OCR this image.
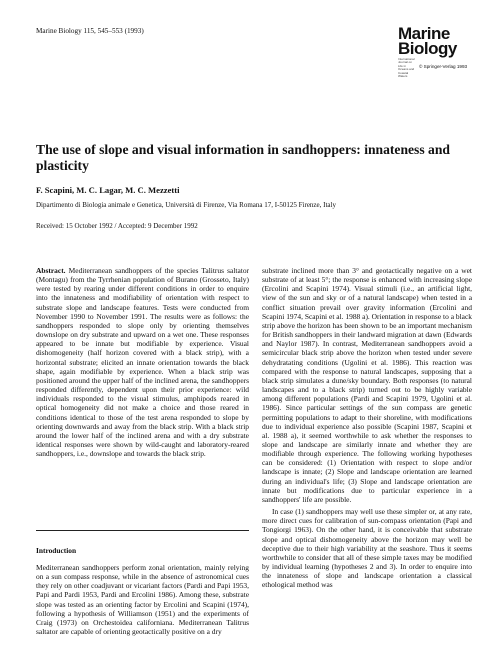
Marine Biology 115, 545–553 (1993)	Marine
Biology
International Journal on Life in Oceans and Coastal Waters
© Springer-Verlag 1993
The use of slope and visual information in sandhoppers: innateness and plasticity
F. Scapini, M. C. Lagar, M. C. Mezzetti
Dipartimento di Biologia animale e Genetica, Università di Firenze, Via Romana 17, I-50125 Firenze, Italy
Received: 15 October 1992 / Accepted: 9 December 1992
Abstract. Mediterranean sandhoppers of the species Talitrus saltator (Montagu) from the Tyrrhenian population of Burano (Grosseto, Italy) were tested by rearing under different conditions in order to enquire into the innateness and modifiability of orientation with respect to substrate slope and landscape features. Tests were conducted from November 1990 to November 1991. The results were as follows: the sandhoppers responded to slope only by orienting themselves downslope on dry substrate and upward on a wet one. These responses appeared to be innate but modifiable by experience. Visual dishomogeneity (half horizon covered with a black strip), with a horizontal substrate; elicited an innate orientation towards the black shape, again modifiable by experience. When a black strip was positioned around the upper half of the inclined arena, the sandhoppers responded differently, dependent upon their prior experience: wild individuals responded to the visual stimulus, amphipods reared in optical homogeneity did not make a choice and those reared in conditions identical to those of the test arena responded to slope by orienting downwards and away from the black strip. With a black strip around the lower half of the inclined arena and with a dry substrate identical responses were shown by wild-caught and laboratory-reared sandhoppers, i.e., downslope and towards the black strip.
Introduction
Mediterranean sandhoppers perform zonal orientation, mainly relying on a sun compass response, while in the absence of astronomical cues they rely on other coadjuvant or vicariant factors (Pardi and Papi 1953, Papi and Pardi 1953, Pardi and Ercolini 1986). Among these, substrate slope was tested as an orienting factor by Ercolini and Scapini (1974), following a hypothesis of Williamson (1951) and the experiments of Craig (1973) on Orchestoidea californiana. Mediterranean Talitrus saltator are capable of orienting geotactically positive on a dry
substrate inclined more than 3° and geotactically negative on a wet substrate of at least 5°; the response is enhanced with increasing slope (Ercolini and Scapini 1974). Visual stimuli (i.e., an artificial light, view of the sun and sky or of a natural landscape) when tested in a conflict situation prevail over gravity information (Ercolini and Scapini 1974, Scapini et al. 1988 a). Orientation in response to a black strip above the horizon has been shown to be an important mechanism for British sandhoppers in their landward migration at dawn (Edwards and Naylor 1987). In contrast, Mediterranean sandhoppers avoid a semicircular black strip above the horizon when tested under severe dehydratating conditions (Ugolini et al. 1986). This reaction was compared with the response to natural landscapes, supposing that a black strip simulates a dune/sky boundary. Both responses (to natural landscapes and to a black strip) turned out to be highly variable among different populations (Pardi and Scapini 1979, Ugolini et al. 1986). Since particular settings of the sun compass are genetic permitting populations to adapt to their shoreline, with modifications due to individual experience also possible (Scapini 1987, Scapini et al. 1988 a), it seemed worthwhile to ask whether the responses to slope and landscape are similarly innate and whether they are modifiable through experience. The following working hypotheses can be considered: (1) Orientation with respect to slope and/or landscape is innate; (2) Slope and landscape orientation are learned during an individual's life; (3) Slope and landscape orientation are innate but modifications due to particular experience in a sandhoppers' life are possible.
In case (1) sandhoppers may well use these simpler or, at any rate, more direct cues for calibration of sun-compass orientation (Papi and Tongiorgi 1963). On the other hand, it is conceivable that substrate slope and optical dishomogeneity above the horizon may well be deceptive due to their high variability at the seashore. Thus it seems worthwhile to consider that all of these simple taxes may be modified by individual learning (hypotheses 2 and 3). In order to enquire into the innateness of slope and landscape orientation a classical ethological method was
